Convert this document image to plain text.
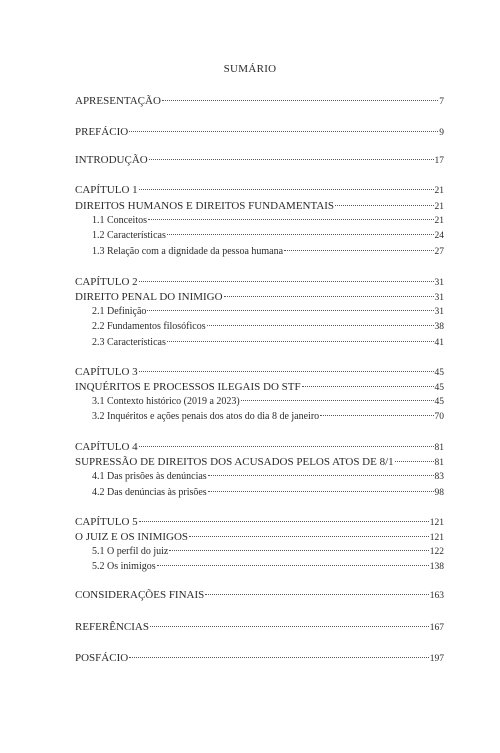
SUMÁRIO
APRESENTAÇÃO	7
PREFÁCIO	9
INTRODUÇÃO	17
CAPÍTULO 1	21
DIREITOS HUMANOS E DIREITOS FUNDAMENTAIS	21
1.1 Conceitos	21
1.2 Características	24
1.3 Relação com a dignidade da pessoa humana	27
CAPÍTULO 2	31
DIREITO PENAL DO INIMIGO	31
2.1 Definição	31
2.2 Fundamentos filosóficos	38
2.3 Características	41
CAPÍTULO 3	45
INQUÉRITOS E PROCESSOS ILEGAIS DO STF	45
3.1 Contexto histórico (2019 a 2023)	45
3.2 Inquéritos e ações penais dos atos do dia 8 de janeiro	70
CAPÍTULO 4	81
SUPRESSÃO DE DIREITOS DOS ACUSADOS PELOS ATOS DE 8/1	81
4.1 Das prisões às denúncias	83
4.2 Das denúncias às prisões	98
CAPÍTULO 5	121
O JUIZ E OS INIMIGOS	121
5.1 O perfil do juiz	122
5.2 Os inimigos	138
CONSIDERAÇÕES FINAIS	163
REFERÊNCIAS	167
POSFÁCIO	197
